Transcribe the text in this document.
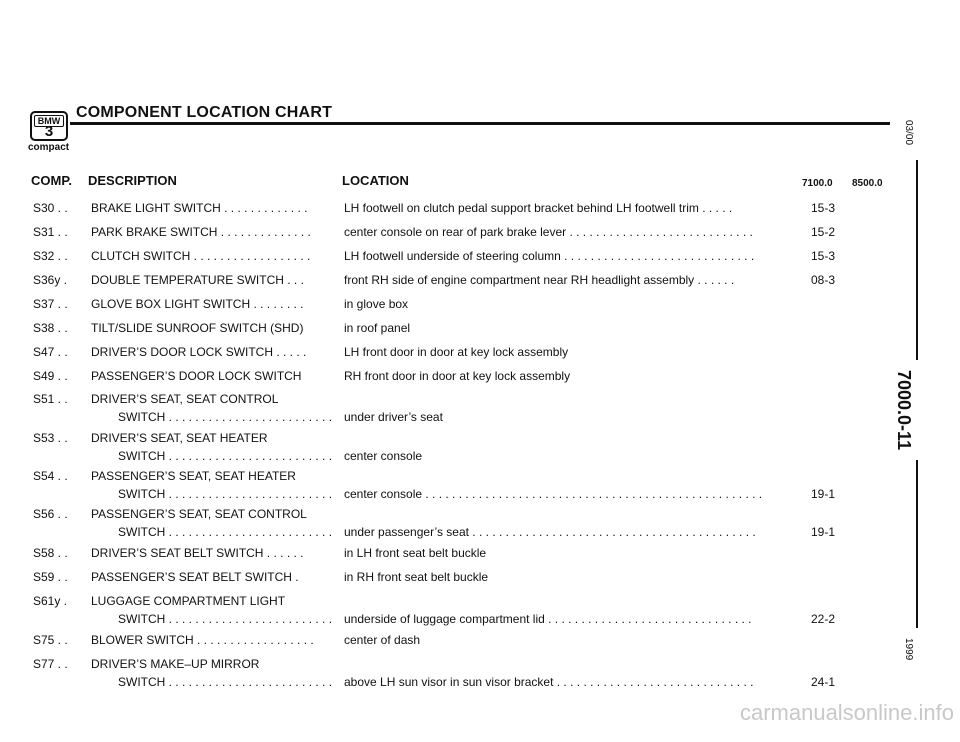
BMW
3
compact
COMPONENT LOCATION CHART
COMP. DESCRIPTION	LOCATION	7100.0 8500.0
S30 . . BRAKE LIGHT SWITCH . . . . . . . . . . . . .	LH footwell on clutch pedal support bracket behind LH footwell trim . . . . .	15-3
S31 . . PARK BRAKE SWITCH . . . . . . . . . . . . . .	center console on rear of park brake lever . . . . . . . . . . . . . . . . . . . . . . . . . . . .	15-2
S32 . . CLUTCH SWITCH . . . . . . . . . . . . . . . . . .	LH footwell underside of steering column . . . . . . . . . . . . . . . . . . . . . . . . . . . . .	15-3
S36y . DOUBLE TEMPERATURE SWITCH . . .	front RH side of engine compartment near RH headlight assembly . . . . . .	08-3
S37 . . GLOVE BOX LIGHT SWITCH . . . . . . . .	in glove box
S38 . . TILT/SLIDE SUNROOF SWITCH (SHD)	in roof panel
S47 . . DRIVER’S DOOR LOCK SWITCH . . . . .	LH front door in door at key lock assembly
S49 . . PASSENGER’S DOOR LOCK SWITCH	RH front door in door at key lock assembly
S51 . . DRIVER’S SEAT, SEAT CONTROL
SWITCH . . . . . . . . . . . . . . . . . . . . . . . . . under driver’s seat
S53 . . DRIVER’S SEAT, SEAT HEATER
SWITCH . . . . . . . . . . . . . . . . . . . . . . . . . center console
S54 . . PASSENGER’S SEAT, SEAT HEATER
SWITCH . . . . . . . . . . . . . . . . . . . . . . . . . center console . . . . . . . . . . . . . . . . . . . . . . . . . . . . . . . . . . . . . . . . . . . . . . . . . . .	19-1
S56 . . PASSENGER’S SEAT, SEAT CONTROL
SWITCH . . . . . . . . . . . . . . . . . . . . . . . . . under passenger’s seat . . . . . . . . . . . . . . . . . . . . . . . . . . . . . . . . . . . . . . . . . . .	19-1
S58 . . DRIVER’S SEAT BELT SWITCH . . . . . .	in LH front seat belt buckle
S59 . . PASSENGER’S SEAT BELT SWITCH .	in RH front seat belt buckle
S61y . LUGGAGE COMPARTMENT LIGHT
SWITCH . . . . . . . . . . . . . . . . . . . . . . . . . underside of luggage compartment lid . . . . . . . . . . . . . . . . . . . . . . . . . . . . . . .	22-2
S75 . . BLOWER SWITCH . . . . . . . . . . . . . . . . . .	center of dash
S77 . . DRIVER’S MAKE–UP MIRROR
SWITCH . . . . . . . . . . . . . . . . . . . . . . . . . above LH sun visor in sun visor bracket . . . . . . . . . . . . . . . . . . . . . . . . . . . . . .	24-1
03/00
7000.0-11
1999
carmanualsonline.info
